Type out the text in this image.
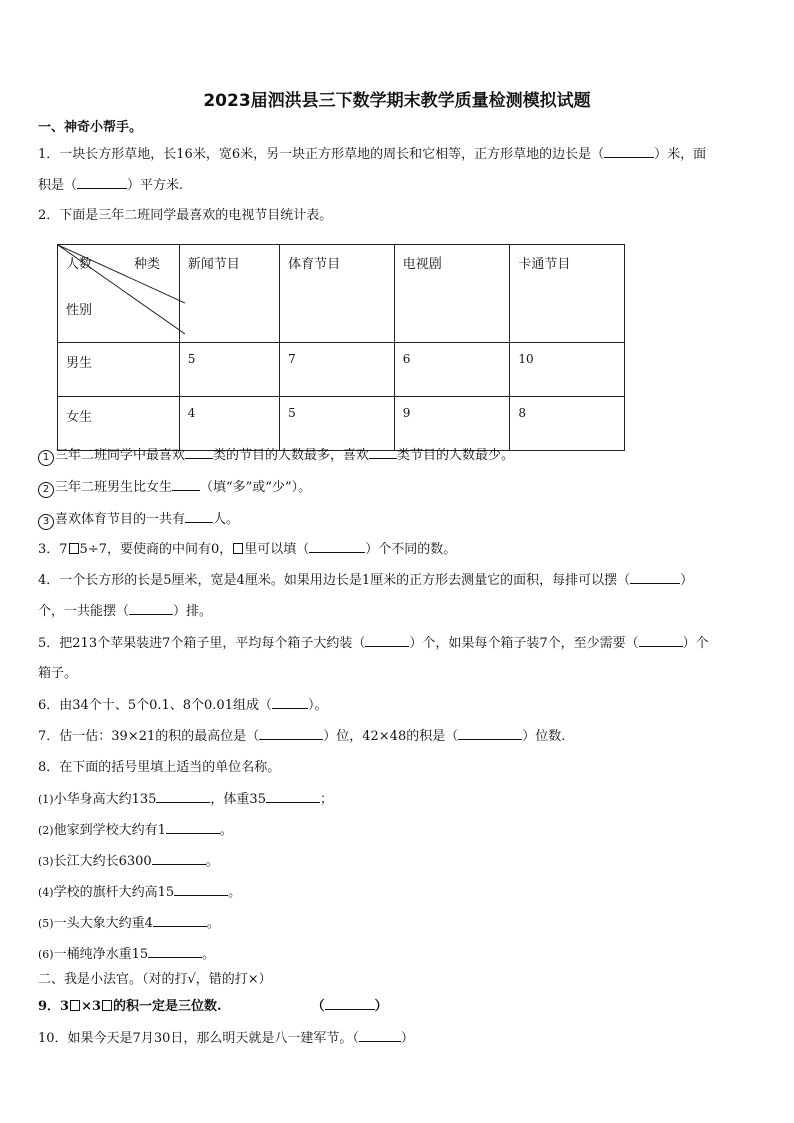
2023届泗洪县三下数学期末教学质量检测模拟试题
一、神奇小帮手。
1．一块长方形草地，长16米，宽6米，另一块正方形草地的周长和它相等，正方形草地的边长是（	）米，面
积是（	）平方米.
2．下面是三年二班同学最喜欢的电视节目统计表。
人数 种类
性别	新闻节目	体育节目	电视剧	卡通节目
男生	5	7	6	10
女生	4	5	9	8
1 三年二班同学中最喜欢 类的节目的人数最多，喜欢 类节目的人数最少。
2 三年二班男生比女生 （填“多”或“少”）。
3 喜欢体育节目的一共有 人。
3．7 5÷7，要使商的中间有0， 里可以填（	）个不同的数。
4．一个长方形的长是5厘米，宽是4厘米。如果用边长是1厘米的正方形去测量它的面积，每排可以摆（	）
个，一共能摆（	）排。
5．把213个苹果装进7个箱子里，平均每个箱子大约装（	）个，如果每个箱子装7个，至少需要（	）个
箱子。
6．由34个十、5个0.1、8个0.01组成（	）。
7．估一估：39×21的积的最高位是（	）位，42×48的积是（	）位数.
8．在下面的括号里填上适当的单位名称。
(1)小华身高大约135	，体重35	；
(2)他家到学校大约有1	。
(3)长江大约长6300	。
(4)学校的旗杆大约高15	。
(5)一头大象大约重4	。
(6)一桶纯净水重15	。
二、我是小法官。（对的打√，错的打×）
9．3 ×3 的积一定是三位数.	（	）
10．如果今天是7月30日，那么明天就是八一建军节。（	）
